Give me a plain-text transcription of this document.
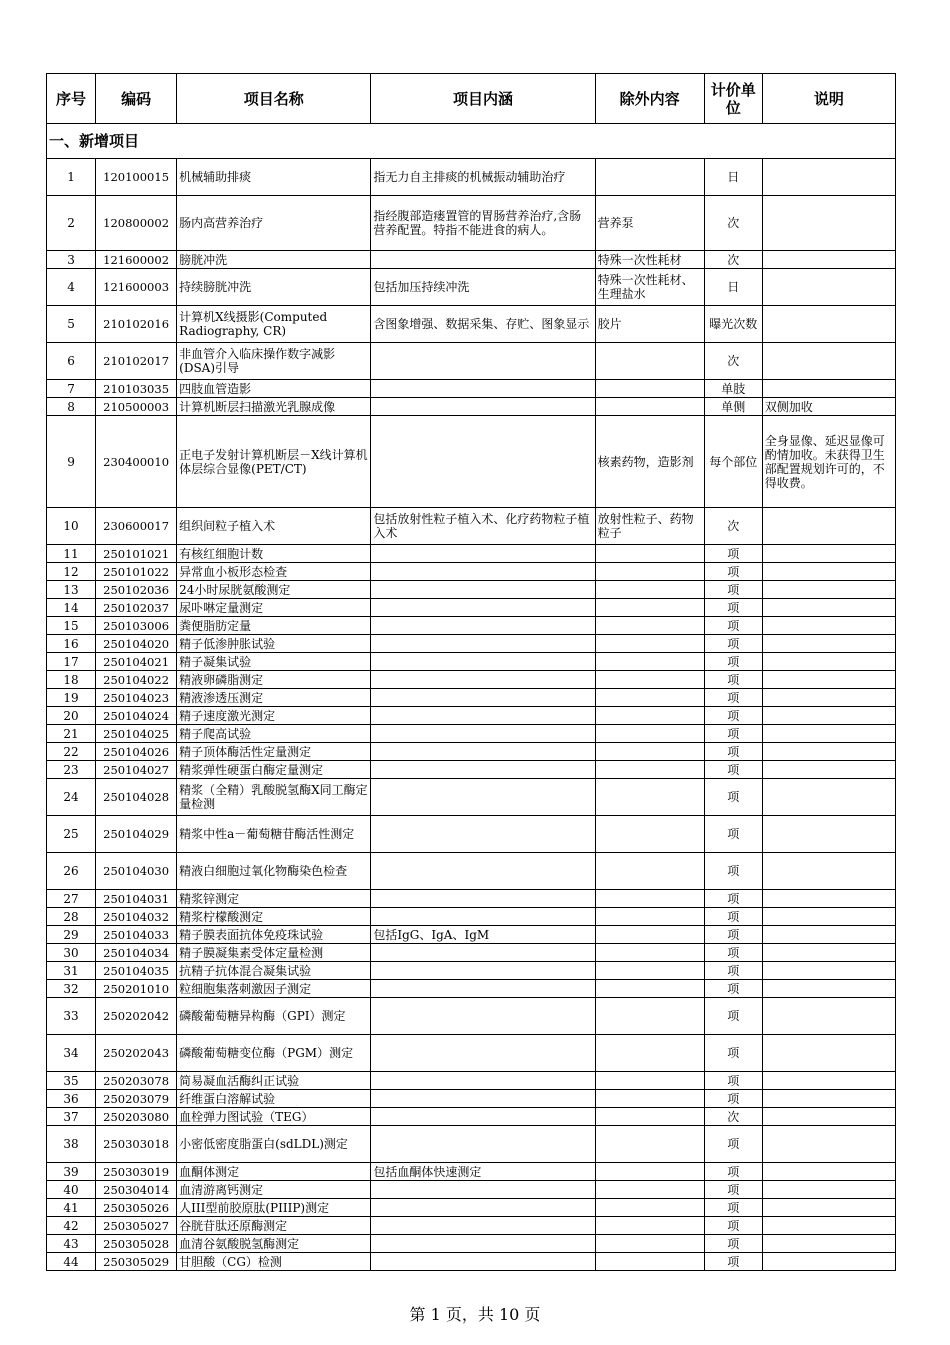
序号	编码	项目名称	项目内涵	除外内容	计价单位	说明
一、新增项目						
1	120100015	机械辅助排痰	指无力自主排痰的机械振动辅助治疗		日	
2	120800002	肠内高营养治疗	指经腹部造瘘置管的胃肠营养治疗,含肠营养配置。特指不能进食的病人。	营养泵	次	
3	121600002	膀胱冲洗		特殊一次性耗材	次	
4	121600003	持续膀胱冲洗	包括加压持续冲洗	特殊一次性耗材、生理盐水	日	
5	210102016	计算机X线摄影(Computed Radiography, CR)	含图象增强、数据采集、存贮、图象显示	胶片	曝光次数	
6	210102017	非血管介入临床操作数字减影(DSA)引导			次	
7	210103035	四肢血管造影			单肢	
8	210500003	计算机断层扫描激光乳腺成像			单侧	双侧加收
9	230400010	正电子发射计算机断层－X线计算机体层综合显像(PET/CT)		核素药物，造影剂	每个部位	全身显像、延迟显像可酌情加收。未获得卫生部配置规划许可的，不得收费。
10	230600017	组织间粒子植入术	包括放射性粒子植入术、化疗药物粒子植入术	放射性粒子、药物粒子	次	
11	250101021	有核红细胞计数			项	
12	250101022	异常血小板形态检查			项	
13	250102036	24小时尿胱氨酸测定			项	
14	250102037	尿卟啉定量测定			项	
15	250103006	粪便脂肪定量			项	
16	250104020	精子低渗肿胀试验			项	
17	250104021	精子凝集试验			项	
18	250104022	精液卵磷脂测定			项	
19	250104023	精液渗透压测定			项	
20	250104024	精子速度激光测定			项	
21	250104025	精子爬高试验			项	
22	250104026	精子顶体酶活性定量测定			项	
23	250104027	精浆弹性硬蛋白酶定量测定			项	
24	250104028	精浆（全精）乳酸脱氢酶X同工酶定量检测			项	
25	250104029	精浆中性a－葡萄糖苷酶活性测定			项	
26	250104030	精液白细胞过氧化物酶染色检查			项	
27	250104031	精浆锌测定			项	
28	250104032	精浆柠檬酸测定			项	
29	250104033	精子膜表面抗体免疫珠试验	包括IgG、IgA、IgM		项	
30	250104034	精子膜凝集素受体定量检测			项	
31	250104035	抗精子抗体混合凝集试验			项	
32	250201010	粒细胞集落刺激因子测定			项	
33	250202042	磷酸葡萄糖异构酶（GPI）测定			项	
34	250202043	磷酸葡萄糖变位酶（PGM）测定			项	
35	250203078	简易凝血活酶纠正试验			项	
36	250203079	纤维蛋白溶解试验			项	
37	250203080	血栓弹力图试验（TEG）			次	
38	250303018	小密低密度脂蛋白(sdLDL)测定			项	
39	250303019	血酮体测定	包括血酮体快速测定		项	
40	250304014	血清游离钙测定			项	
41	250305026	人III型前胶原肽(PIIIP)测定			项	
42	250305027	谷胱苷肽还原酶测定			项	
43	250305028	血清谷氨酸脱氢酶测定			项	
44	250305029	甘胆酸（CG）检测			项	
第 1 页，共 10 页
